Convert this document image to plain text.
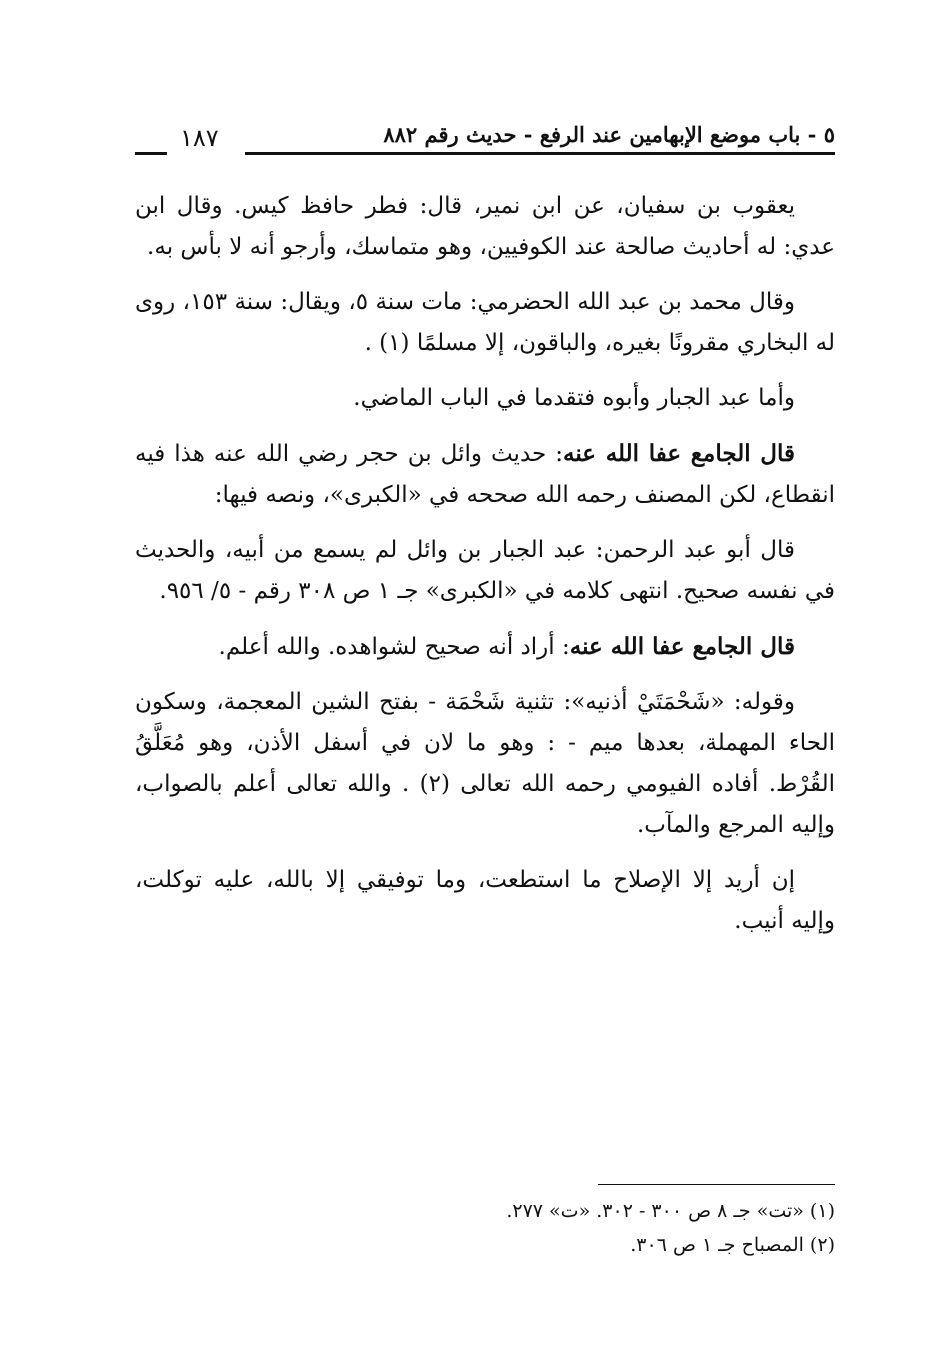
٥ - باب موضع الإبهامين عند الرفع - حديث رقم ٨٨٢
١٨٧

يعقوب بن سفيان، عن ابن نمير، قال: فطر حافظ كيس. وقال ابن عدي: له أحاديث صالحة عند الكوفيين، وهو متماسك، وأرجو أنه لا بأس به.

وقال محمد بن عبد الله الحضرمي: مات سنة ٥، ويقال: سنة ١٥٣، روى له البخاري مقرونًا بغيره، والباقون، إلا مسلمًا (١) .

وأما عبد الجبار وأبوه فتقدما في الباب الماضي.

قال الجامع عفا الله عنه: حديث وائل بن حجر رضي الله عنه هذا فيه انقطاع، لكن المصنف رحمه الله صححه في «الكبرى»، ونصه فيها:

قال أبو عبد الرحمن: عبد الجبار بن وائل لم يسمع من أبيه، والحديث في نفسه صحيح. انتهى كلامه في «الكبرى» جـ ١ ص ٣٠٨ رقم - ٥/ ٩٥٦.

قال الجامع عفا الله عنه: أراد أنه صحيح لشواهده. والله أعلم.

وقوله: «شَحْمَتَيْ أذنيه»: تثنية شَحْمَة - بفتح الشين المعجمة، وسكون الحاء المهملة، بعدها ميم - : وهو ما لان في أسفل الأذن، وهو مُعَلَّقُ القُرْط. أفاده الفيومي رحمه الله تعالى (٢) . والله تعالى أعلم بالصواب، وإليه المرجع والمآب.

إن أريد إلا الإصلاح ما استطعت، وما توفيقي إلا بالله، عليه توكلت، وإليه أنيب.

(١) «تت» جـ ٨ ص ٣٠٠ - ٣٠٢. «ت» ٢٧٧.

(٢) المصباح جـ ١ ص ٣٠٦.
